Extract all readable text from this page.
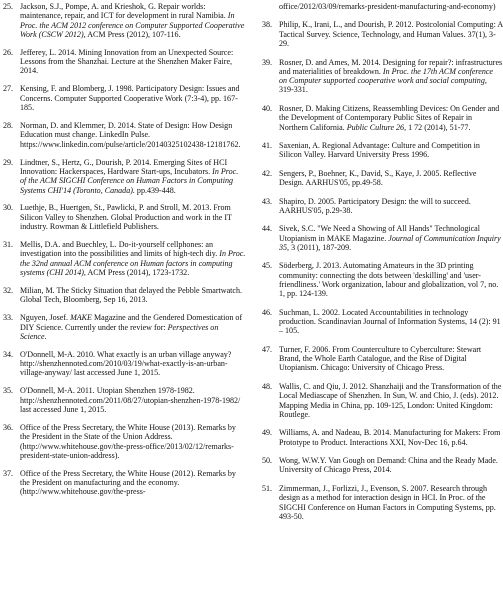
25. Jackson, S.J., Pompe, A. and Krieshok, G. Repair worlds: maintenance, repair, and ICT for development in rural Namibia. In Proc. the ACM 2012 conference on Computer Supported Cooperative Work (CSCW 2012), ACM Press (2012), 107-116.
26. Jefferey, L. 2014. Mining Innovation from an Unexpected Source: Lessons from the Shanzhai. Lecture at the Shenzhen Maker Faire, 2014.
27. Kensing, F. and Blomberg, J. 1998. Participatory Design: Issues and Concerns. Computer Supported Cooperative Work (7:3-4), pp. 167-185.
28. Norman, D. and Klemmer, D. 2014. State of Design: How Design Education must change. LinkedIn Pulse. https://www.linkedin.com/pulse/article/20140325102438-12181762.
29. Lindtner, S., Hertz, G., Dourish, P. 2014. Emerging Sites of HCI Innovation: Hackerspaces, Hardware Start-ups, Incubators. In Proc. of the ACM SIGCHI Conference on Human Factors in Computing Systems CHI'14 (Toronto, Canada). pp.439-448.
30. Luethje, B., Huertgen, St., Pawlicki, P. and Stroll, M. 2013. From Silicon Valley to Shenzhen. Global Production and work in the IT industry. Rowman & Littlefield Publishers.
31. Mellis, D.A. and Buechley, L. Do-it-yourself cellphones: an investigation into the possibilities and limits of high-tech diy. In Proc. the 32nd annual ACM conference on Human factors in computing systems (CHI 2014), ACM Press (2014), 1723-1732.
32. Milian, M. The Sticky Situation that delayed the Pebble Smartwatch. Global Tech, Bloomberg, Sep 16, 2013.
33. Nguyen, Josef. MAKE Magazine and the Gendered Domestication of DIY Science. Currently under the review for: Perspectives on Science.
34. O'Donnell, M-A. 2010. What exactly is an urban village anyway? http://shenzhennoted.com/2010/03/19/what-exactly-is-an-urban-village-anyway/ last accessed June 1, 2015.
35. O'Donnell, M-A. 2011. Utopian Shenzhen 1978-1982. http://shenzhennoted.com/2011/08/27/utopian-shenzhen-1978-1982/ last accessed June 1, 2015.
36. Office of the Press Secretary, the White House (2013). Remarks by the President in the State of the Union Address. (http://www.whitehouse.gov/the-press-office/2013/02/12/remarks-president-state-union-address).
37. Office of the Press Secretary, the White House (2012). Remarks by the President on manufacturing and the economy. (http://www.whitehouse.gov/the-press-
office/2012/03/09/remarks-president-manufacturing-and-economy)
38. Philip, K., Irani, L., and Dourish, P. 2012. Postcolonial Computing: A Tactical Survey. Science, Technology, and Human Values. 37(1), 3-29.
39. Rosner, D. and Ames, M. 2014. Designing for repair?: infrastructures and materialities of breakdown. In Proc. the 17th ACM conference on Computer supported cooperative work and social computing, 319-331.
40. Rosner, D. Making Citizens, Reassembling Devices: On Gender and the Development of Contemporary Public Sites of Repair in Northern California. Public Culture 26, 1 72 (2014), 51-77.
41. Saxenian, A. Regional Advantage: Culture and Competition in Silicon Valley. Harvard University Press 1996.
42. Sengers, P., Boehner, K., David, S., Kaye, J. 2005. Reflective Design. AARHUS'05, pp.49-58.
43. Shapiro, D. 2005. Participatory Design: the will to succeed. AARHUS'05, p.29-38.
44. Sivek, S.C. "We Need a Showing of All Hands" Technological Utopianism in MAKE Magazine. Journal of Communication Inquiry 35, 3 (2011), 187-209.
45. Söderberg, J. 2013. Automating Amateurs in the 3D printing community: connecting the dots between 'deskilling' and 'user-friendliness.' Work organization, labour and globalization, vol 7, no. 1, pp. 124-139.
46. Suchman, L. 2002. Located Accountabilities in technology production. Scandinavian Journal of Information Systems, 14 (2): 91 – 105.
47. Turner, F. 2006. From Counterculture to Cyberculture: Stewart Brand, the Whole Earth Catalogue, and the Rise of Digital Utopianism. Chicago: University of Chicago Press.
48. Wallis, C. and Qiu, J. 2012. Shanzhaiji and the Transformation of the Local Mediascape of Shenzhen. In Sun, W. and Chio, J. (eds). 2012. Mapping Media in China, pp. 109-125, London: United Kingdom: Routlege.
49. Williams, A. and Nadeau, B. 2014. Manufacturing for Makers: From Prototype to Product. Interactions XXI, Nov-Dec 16, p.64.
50. Wong, W.W.Y. Van Gough on Demand: China and the Ready Made. University of Chicago Press, 2014.
51. Zimmerman, J., Forlizzi, J., Evenson, S. 2007. Research through design as a method for interaction design in HCI. In Proc. of the SIGCHI Conference on Human Factors in Computing Systems, pp. 493-50.
